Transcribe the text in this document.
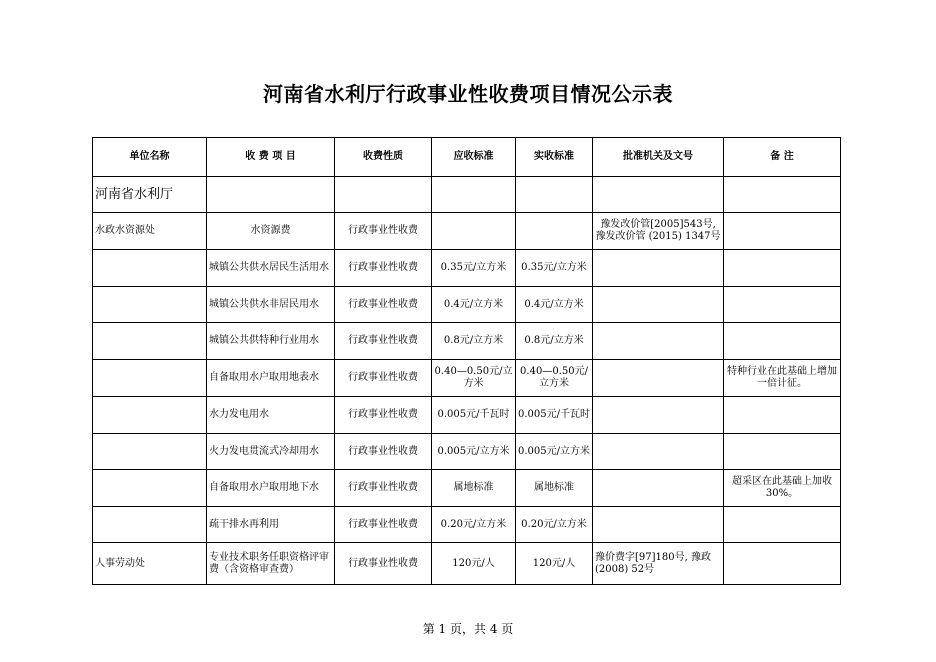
河南省水利厅行政事业性收费项目情况公示表
单位名称	收 费 项 目	收费性质	应收标准	实收标准	批准机关及文号	备 注
河南省水利厅						
水政水资源处	水资源费	行政事业性收费			豫发改价管[2005]543号, 豫发改价管 (2015) 1347号	
	城镇公共供水居民生活用水	行政事业性收费	0.35元/立方米	0.35元/立方米		
	城镇公共供水非居民用水	行政事业性收费	0.4元/立方米	0.4元/立方米		
	城镇公共供特种行业用水	行政事业性收费	0.8元/立方米	0.8元/立方米		
	自备取用水户取用地表水	行政事业性收费	0.40—0.50元/立方米	0.40—0.50元/立方米		特种行业在此基础上增加一倍计征。
	水力发电用水	行政事业性收费	0.005元/千瓦时	0.005元/千瓦时		
	火力发电贯流式冷却用水	行政事业性收费	0.005元/立方米	0.005元/立方米		
	自备取用水户取用地下水	行政事业性收费	属地标准	属地标准		超采区在此基础上加收30%。
	疏干排水再利用	行政事业性收费	0.20元/立方米	0.20元/立方米		
人事劳动处	专业技术职务任职资格评审费（含资格审查费）	行政事业性收费	120元/人	120元/人	豫价费字[97]180号, 豫政 (2008) 52号	
第 1 页，共 4 页
